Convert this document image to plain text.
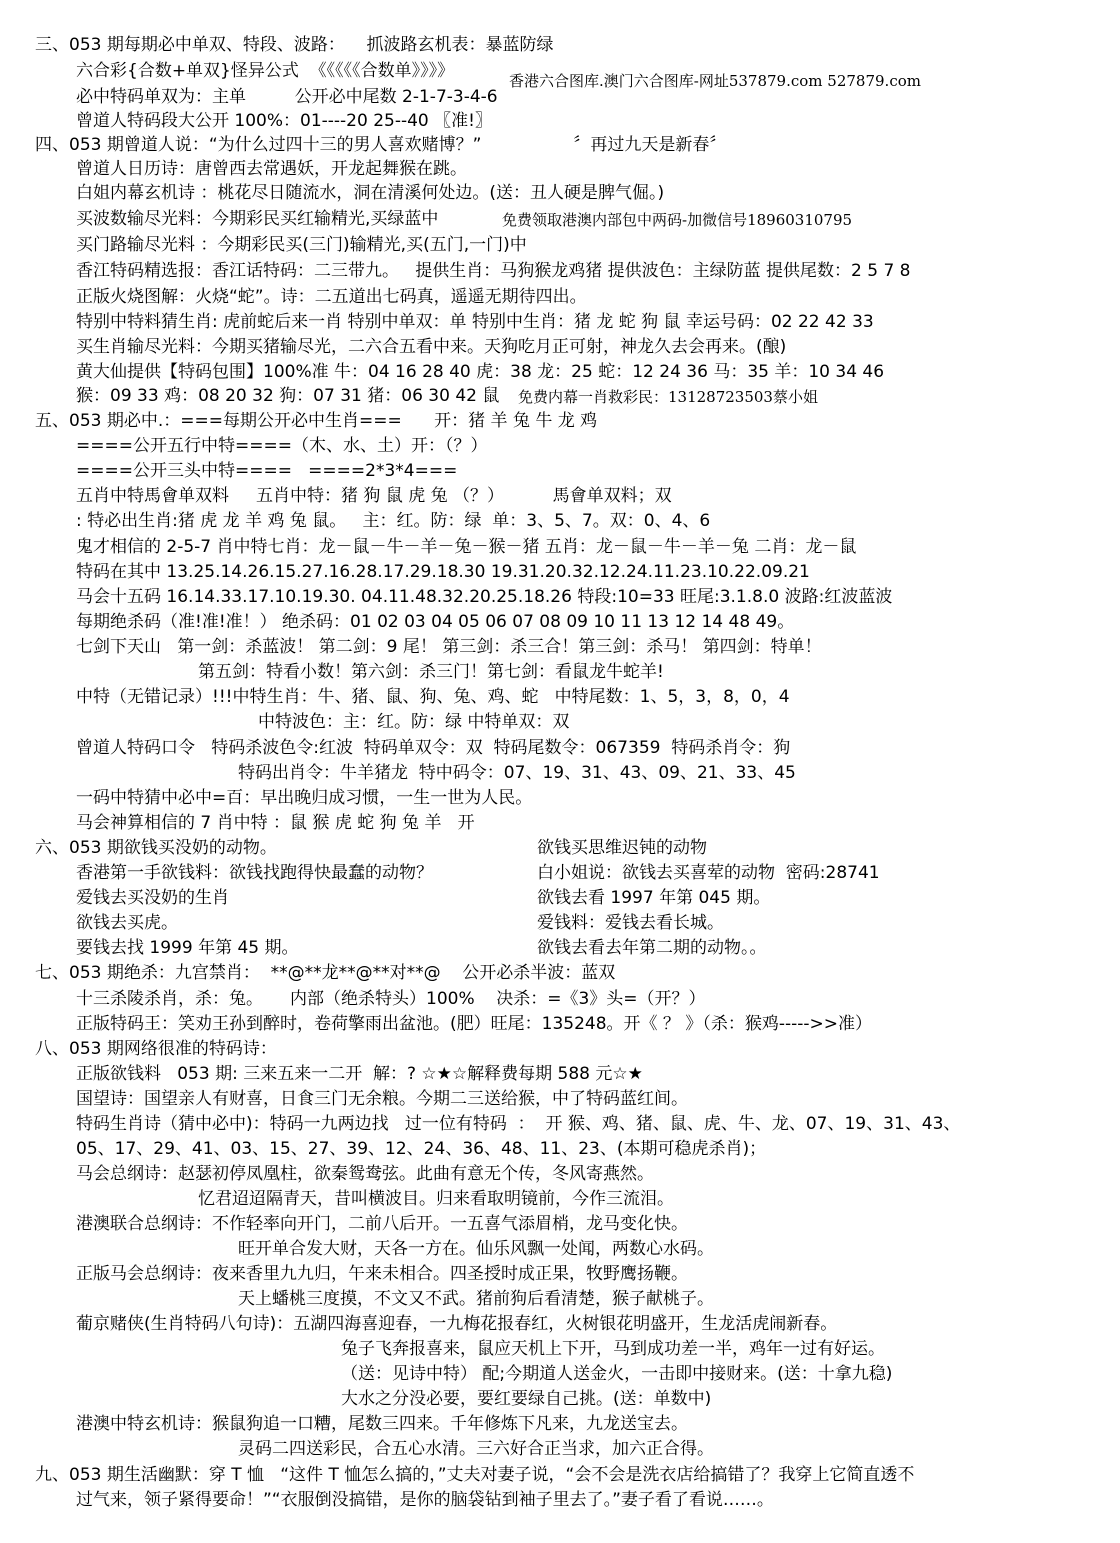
三、053 期每期必中单双、特段、波路：    抓波路玄机表：暴蓝防绿
六合彩{合数+单双}怪异公式  《《《《《合数单》》》》	香港六合图库.澳门六合图库-网址537879.com 527879.com
必中特码单双为：主单         公开必中尾数 2-1-7-3-4-6
曾道人特码段大公开 100%：01----20 25--40 〖准!〗
四、053 期曾道人说：“为什么过四十三的男人喜欢赌博？”                 〞再过九天是新春〞
曾道人日历诗：唐曾西去常遇妖，开龙起舞猴在跳。
白姐内幕玄机诗 ：桃花尽日随流水，洞在清溪何处边。(送：丑人硬是脾气倔。)
买波数输尽光料：今期彩民买红输精光,买绿蓝中	免费领取港澳内部包中两码-加微信号18960310795
买门路输尽光料 ：今期彩民买(三门)输精光,买(五门,一门)中
香江特码精选报：香江话特码：二三带九。   提供生肖：马狗猴龙鸡猪 提供波色：主绿防蓝 提供尾数：2 5 7 8
正版火烧图解：火烧“蛇”。诗：二五道出七码真，遥遥无期待四出。
特别中特料猜生肖: 虎前蛇后来一肖 特别中单双：单 特别中生肖：猪 龙 蛇 狗 鼠 幸运号码：02 22 42 33
买生肖输尽光料：今期买猪输尽光，二六合五看中来。天狗吃月正可射，神龙久去会再来。(酿)
黄大仙提供【特码包围】100%准 牛：04 16 28 40 虎：38 龙：25 蛇：12 24 36 马：35 羊：10 34 46
猴：09 33 鸡：08 20 32 狗：07 31 猪：06 30 42 鼠 免费内幕一肖救彩民：13128723503蔡小姐
五、053 期必中.：===每期公开必中生肖===      开：猪 羊 兔 牛 龙 鸡
====公开五行中特====（木、水、土）开：（？）
====公开三头中特====   ====2*3*4===
五肖中特馬會单双料     五肖中特：猪 狗 鼠 虎 兔 （？）         馬會单双料；双
: 特必出生肖:猪 虎 龙 羊 鸡 兔 鼠。   主：红。防：绿  单：3、5、7。双：0、4、6
鬼才相信的 2-5-7 肖中特七肖：龙－鼠－牛－羊－兔－猴－猪 五肖：龙－鼠－牛－羊－兔 二肖：龙－鼠
特码在其中 13.25.14.26.15.27.16.28.17.29.18.30 19.31.20.32.12.24.11.23.10.22.09.21
马会十五码 16.14.33.17.10.19.30. 04.11.48.32.20.25.18.26 特段:10=33 旺尾:3.1.8.0 波路:红波蓝波
每期绝杀码（准!准!准！） 绝杀码：01 02 03 04 05 06 07 08 09 10 11 13 12 14 48 49。
七剑下天山   第一剑：杀蓝波！ 第二剑：9 尾！ 第三剑：杀三合！第三剑：杀马！ 第四剑：特单！
第五剑：特看小数！第六剑：杀三门！第七剑：看鼠龙牛蛇羊!
中特（无错记录）!!!中特生肖：牛、猪、鼠、狗、兔、鸡、蛇   中特尾数：1、5，3，8，0，4
中特波色：主：红。防：绿 中特单双：双
曾道人特码口令   特码杀波色令:红波  特码单双令：双  特码尾数令：067359  特码杀肖令：狗
特码出肖令：牛羊猪龙  特中码令：07、19、31、43、09、21、33、45
一码中特猜中必中=百：早出晚归成习惯，一生一世为人民。
马会神算相信的 7 肖中特 ：鼠 猴 虎 蛇 狗 兔 羊   开
六、053 期欲钱买没奶的动物。	欲钱买思维迟钝的动物
香港第一手欲钱料：欲钱找跑得快最蠢的动物？	白小姐说：欲钱去买喜荤的动物  密码:28741
爱钱去买没奶的生肖	欲钱去看 1997 年第 045 期。
欲钱去买虎。	爱钱料：爱钱去看长城。
要钱去找 1999 年第 45 期。	欲钱去看去年第二期的动物。。
七、053 期绝杀：九宫禁肖：  **@**龙**@**对**@    公开必杀半波：蓝双
十三杀陵杀肖，杀：兔。     内部（绝杀特头）100%    决杀：=《3》头=（开？）
正版特码王：笑劝王孙到醉时，卷荷擎雨出盆池。(肥）旺尾：135248。开《 ？ 》（杀：猴鸡----->>准）
八、053 期网络很准的特码诗：
正版欲钱料   053 期: 三来五来一二开  解：? ☆★☆解释费每期 588 元☆★
国望诗：国望亲人有财喜，日食三门无余粮。今期二三送给猴，中了特码蓝红间。
特码生肖诗（猜中必中)：特码一九两边找   过一位有特码  ：  开 猴、鸡、猪、鼠、虎、牛、龙、07、19、31、43、
05、17、29、41、03、15、27、39、12、24、36、48、11、23、(本期可稳虎杀肖)；
马会总纲诗：赵瑟初停凤凰柱，欲秦鸳鸯弦。此曲有意无个传，冬风寄燕然。
忆君迢迢隔青天，昔叫横波目。归来看取明镜前，今作三流泪。
港澳联合总纲诗：不作轻率向开门，二前八后开。一五喜气添眉梢，龙马变化快。
旺开单合发大财，天各一方在。仙乐风飘一处闻，两数心水码。
正版马会总纲诗：夜来香里九九归，午来未相合。四圣授时成正果，牧野鹰扬鞭。
天上蟠桃三度摸，不文又不武。猪前狗后看清楚，猴子献桃子。
葡京赌侠(生肖特码八句诗)：五湖四海喜迎春，一九梅花报春红，火树银花明盛开，生龙活虎闹新春。
兔子飞奔报喜来，鼠应天机上下开，马到成功差一半，鸡年一过有好运。
（送：见诗中特） 配;今期道人送金火，一击即中接财来。(送：十拿九稳)
大水之分没必要，要红要绿自己挑。(送：单数中)
港澳中特玄机诗：猴鼠狗追一口糟，尾数三四来。千年修炼下凡来，九龙送宝去。
灵码二四送彩民，合五心水清。三六好合正当求，加六正合得。
九、053 期生活幽默：穿 T 恤   “这件 T 恤怎么搞的，”丈夫对妻子说，“会不会是洗衣店给搞错了？我穿上它简直透不
过气来，领子紧得要命！”“衣服倒没搞错，是你的脑袋钻到袖子里去了。”妻子看了看说……。
